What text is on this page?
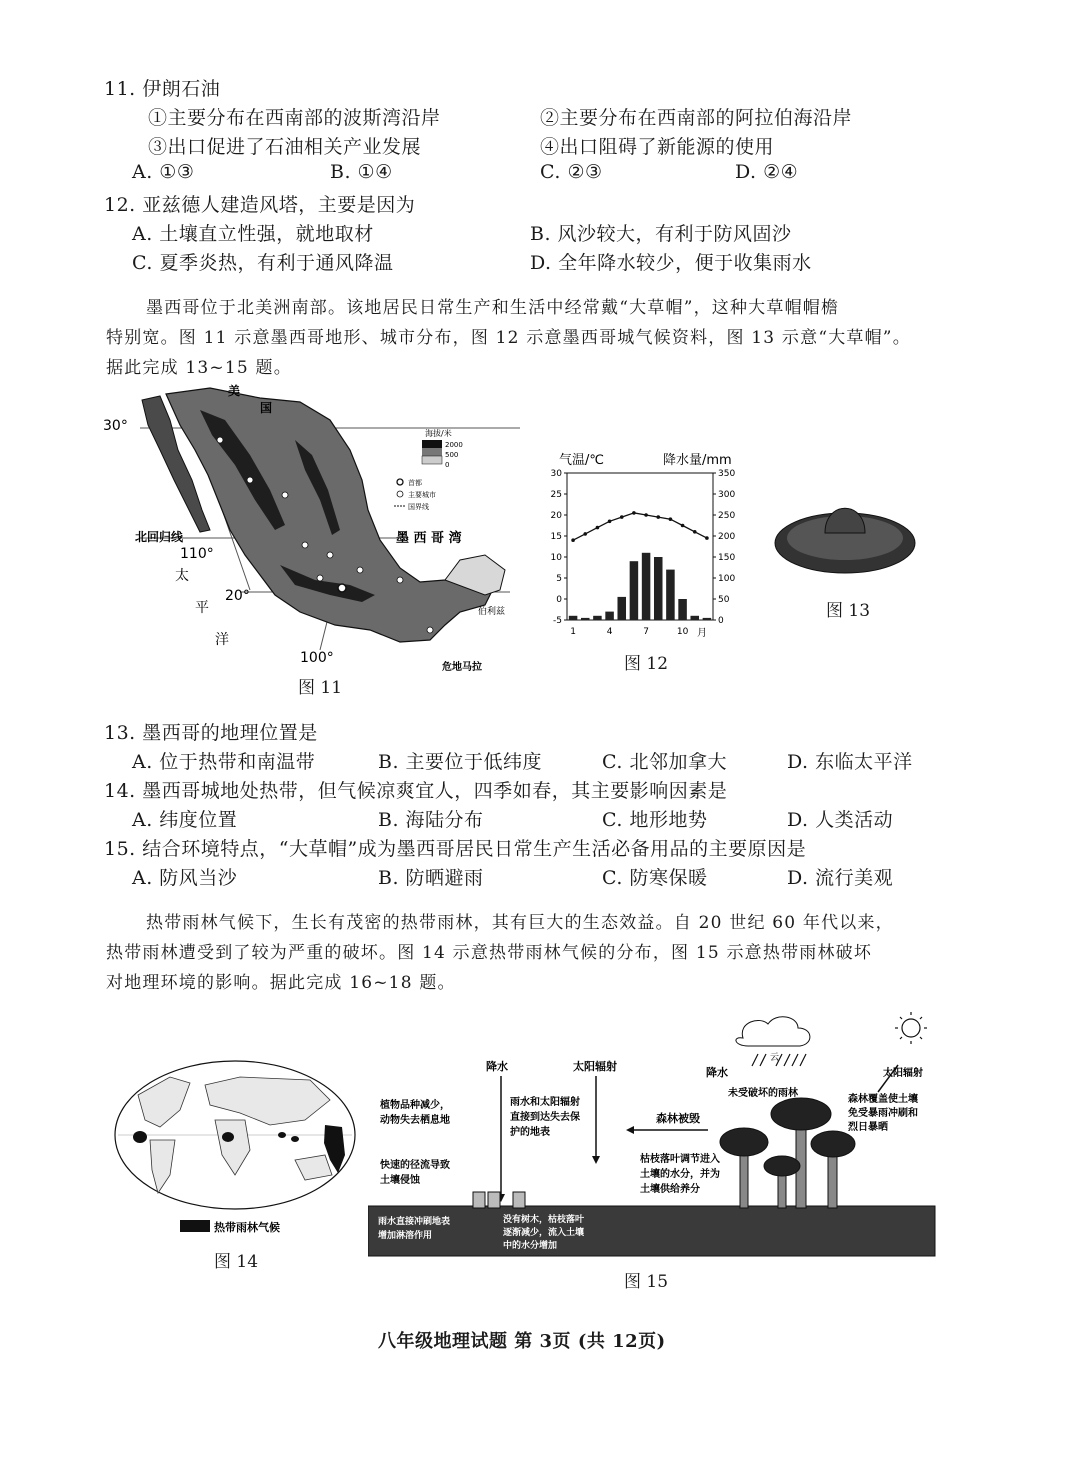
11. 伊朗石油
①主要分布在西南部的波斯湾沿岸	②主要分布在西南部的阿拉伯海沿岸
③出口促进了石油相关产业发展	④出口阻碍了新能源的使用
A. ①③	B. ①④	C. ②③	D. ②④
12. 亚兹德人建造风塔，主要是因为
A. 土壤直立性强，就地取材	B. 风沙较大，有利于防风固沙
C. 夏季炎热，有利于通风降温	D. 全年降水较少，便于收集雨水
墨西哥位于北美洲南部。该地居民日常生产和生活中经常戴“大草帽”，这种大草帽帽檐
特别宽。图 11 示意墨西哥地形、城市分布，图 12 示意墨西哥城气候资料，图 13 示意“大草帽”。
据此完成 13~15 题。
30°
20°
110°
100°
美
国
北回归线	墨 西 哥 湾
太
平
洋
伯利兹
危地马拉
海拔/米
2000
500
0
首都
主要城市
国界线
图 11
气温/℃	降水量/mm
-5
0
5
10
15
20
25
30
0
50
100
150
200
250
300
350
1	4	7	10 月
图 12
图 13
13. 墨西哥的地理位置是
A. 位于热带和南温带	B. 主要位于低纬度	C. 北邻加拿大	D. 东临太平洋
14. 墨西哥城地处热带，但气候凉爽宜人，四季如春，其主要影响因素是
A. 纬度位置	B. 海陆分布	C. 地形地势	D. 人类活动
15. 结合环境特点，“大草帽”成为墨西哥居民日常生产生活必备用品的主要原因是
A. 防风当沙	B. 防晒避雨	C. 防寒保暖	D. 流行美观
热带雨林气候下，生长有茂密的热带雨林，其有巨大的生态效益。自 20 世纪 60 年代以来，
热带雨林遭受到了较为严重的破坏。图 14 示意热带雨林气候的分布，图 15 示意热带雨林破坏
对地理环境的影响。据此完成 16~18 题。
热带雨林气候
图 14
降水	太阳辐射
植物品种减少，
动物失去栖息地
雨水和太阳辐射
直接到达失去保
护的地表
快速的径流导致
土壤侵蚀
雨水直接冲刷地表
增加淋溶作用
没有树木，枯枝落叶
逐渐减少，流入土壤
中的水分增加
森林被毁
云
降水	太阳辐射
未受破坏的雨林
森林覆盖使土壤
免受暴雨冲刷和
烈日暴晒
枯枝落叶调节进入
土壤的水分，并为
土壤供给养分
图 15
八年级地理试题 第 3页 (共 12页)
